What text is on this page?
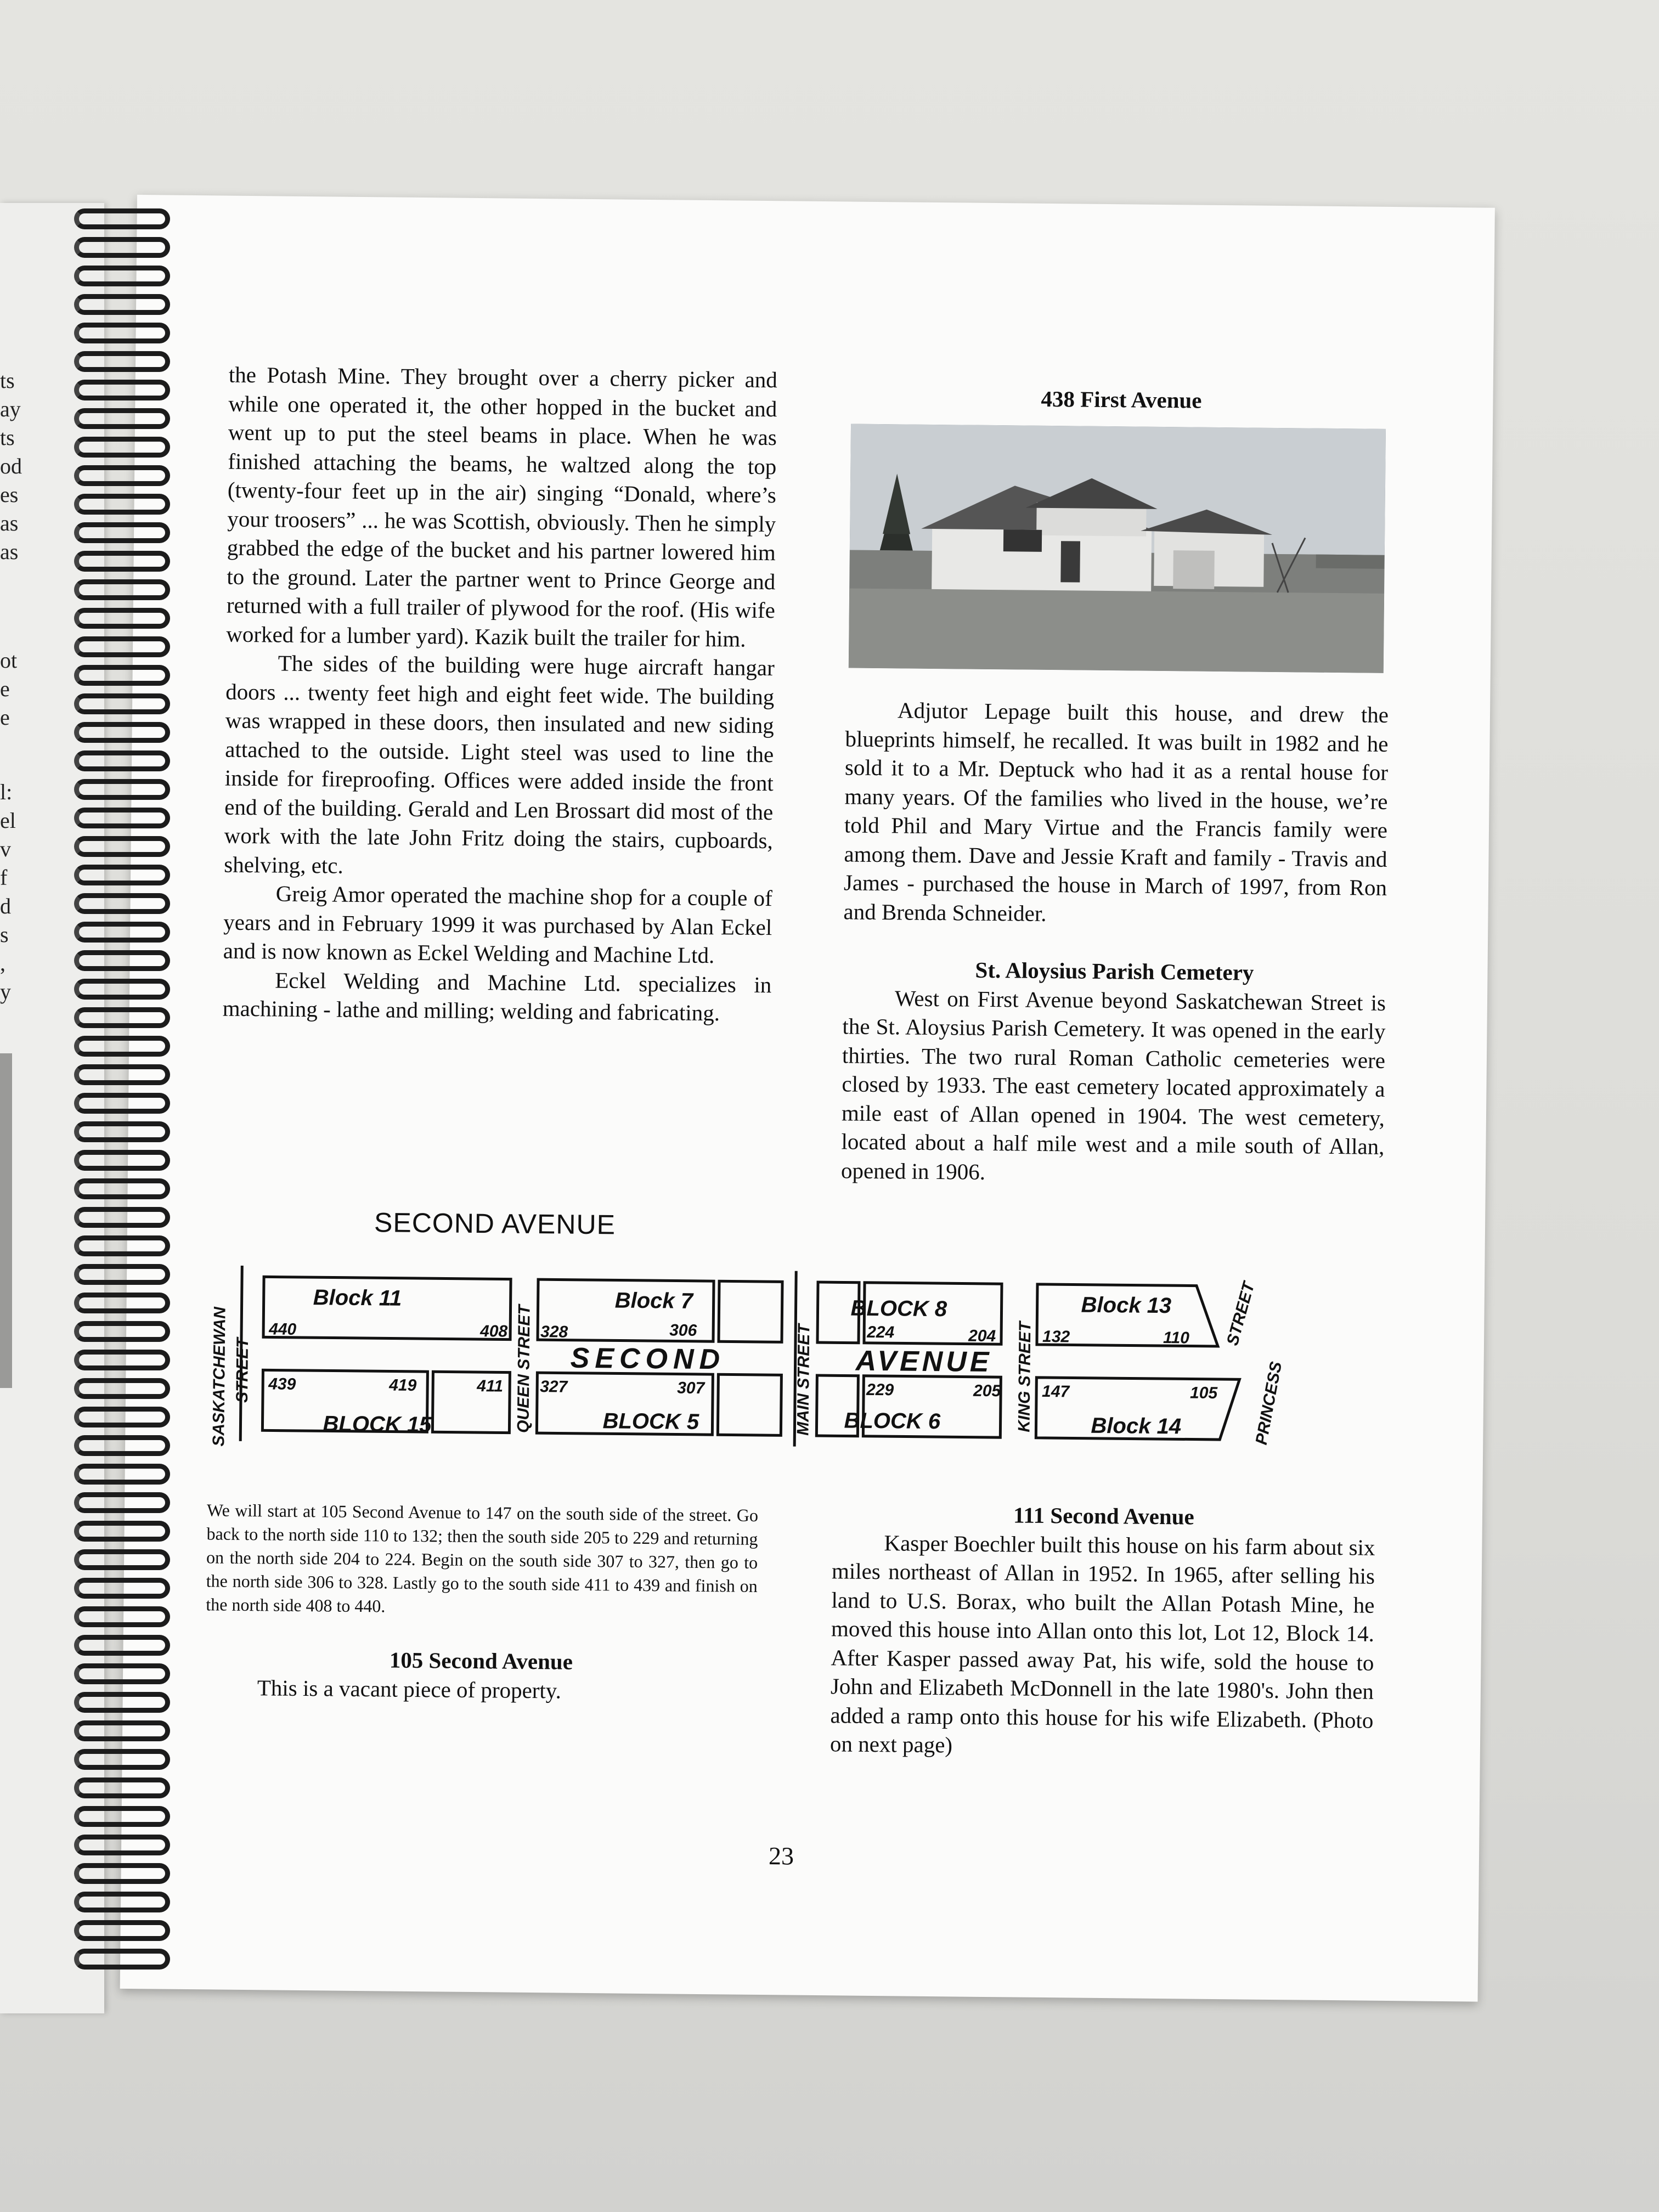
ts
ay
ts
od
es
as
as
ot
e
e
l:
el
v
f
d
s
,
y

the Potash Mine. They brought over a cherry picker and while one operated it, the other hopped in the bucket and went up to put the steel beams in place. When he was finished attaching the beams, he waltzed along the top (twenty-four feet up in the air) singing “Donald, where’s your troosers” ... he was Scottish, obviously. Then he simply grabbed the edge of the bucket and his partner lowered him to the ground. Later the partner went to Prince George and returned with a full trailer of plywood for the roof. (His wife worked for a lumber yard). Kazik built the trailer for him.

The sides of the building were huge aircraft hangar doors ... twenty feet high and eight feet wide. The building was wrapped in these doors, then insulated and new siding attached to the outside. Light steel was used to line the inside for fireproofing. Offices were added inside the front end of the building. Gerald and Len Brossart did most of the work with the late John Fritz doing the stairs, cupboards, shelving, etc.

Greig Amor operated the machine shop for a couple of years and in February 1999 it was purchased by Alan Eckel and is now known as Eckel Welding and Machine Ltd.

Eckel Welding and Machine Ltd. specializes in machining - lathe and milling; welding and fabricating.

438 First Avenue

Adjutor Lepage built this house, and drew the blueprints himself, he recalled. It was built in 1982 and he sold it to a Mr. Deptuck who had it as a rental house for many years. Of the families who lived in the house, we’re told Phil and Mary Virtue and the Francis family were among them. Dave and Jessie Kraft and family - Travis and James - purchased the house in March of 1997, from Ron and Brenda Schneider.

St. Aloysius Parish Cemetery

West on First Avenue beyond Saskatchewan Street is the St. Aloysius Parish Cemetery. It was opened in the early thirties. The two rural Roman Catholic cemeteries were closed by 1933. The east cemetery located approximately a mile east of Allan opened in 1904. The west cemetery, located about a half mile west and a mile south of Allan, opened in 1906.

SECOND AVENUE
Block 11	Block 7	BLOCK 8	Block 13
BLOCK 15	BLOCK 5	BLOCK 6	Block 14
SECOND	AVENUE
440	408 328	306	224	204	132	110
439	419	411 327	307	229	205 147	105
SASKATCHEWAN STREET	QUEEN STREET	MAIN STREET	KING STREET	PRINCESS
STREET

We will start at 105 Second Avenue to 147 on the south side of the street. Go back to the north side 110 to 132; then the south side 205 to 229 and returning on the north side 204 to 224. Begin on the south side 307 to 327, then go to the north side 306 to 328. Lastly go to the south side 411 to 439 and finish on the north side 408 to 440.

105 Second Avenue

This is a vacant piece of property.

111 Second Avenue

Kasper Boechler built this house on his farm about six miles northeast of Allan in 1952. In 1965, after selling his land to U.S. Borax, who built the Allan Potash Mine, he moved this house into Allan onto this lot, Lot 12, Block 14. After Kasper passed away Pat, his wife, sold the house to John and Elizabeth McDonnell in the late 1980's. John then added a ramp onto this house for his wife Elizabeth. (Photo on next page)

23
